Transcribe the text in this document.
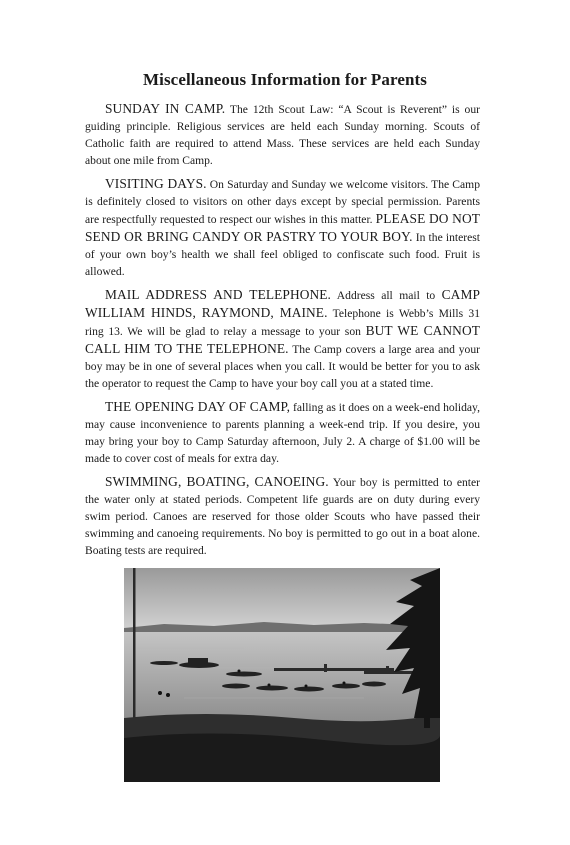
Miscellaneous Information for Parents

SUNDAY IN CAMP. The 12th Scout Law: “A Scout is Reverent” is our guiding principle. Religious services are held each Sunday morning. Scouts of Catholic faith are required to attend Mass. These services are held each Sunday about one mile from Camp.

VISITING DAYS. On Saturday and Sunday we welcome visitors. The Camp is definitely closed to visitors on other days except by special permission. Parents are respectfully requested to respect our wishes in this matter. PLEASE DO NOT SEND OR BRING CANDY OR PASTRY TO YOUR BOY. In the interest of your own boy’s health we shall feel obliged to confiscate such food. Fruit is allowed.

MAIL ADDRESS AND TELEPHONE. Address all mail to CAMP WILLIAM HINDS, RAYMOND, MAINE. Telephone is Webb’s Mills 31 ring 13. We will be glad to relay a message to your son BUT WE CANNOT CALL HIM TO THE TELEPHONE. The Camp covers a large area and your boy may be in one of several places when you call. It would be better for you to ask the operator to request the Camp to have your boy call you at a stated time.

THE OPENING DAY OF CAMP, falling as it does on a week-end holiday, may cause inconvenience to parents planning a week-end trip. If you desire, you may bring your boy to Camp Saturday afternoon, July 2. A charge of $1.00 will be made to cover cost of meals for extra day.

SWIMMING, BOATING, CANOEING. Your boy is permitted to enter the water only at stated periods. Competent life guards are on duty during every swim period. Canoes are reserved for those older Scouts who have passed their swimming and canoeing requirements. No boy is permitted to go out in a boat alone. Boating tests are required.
